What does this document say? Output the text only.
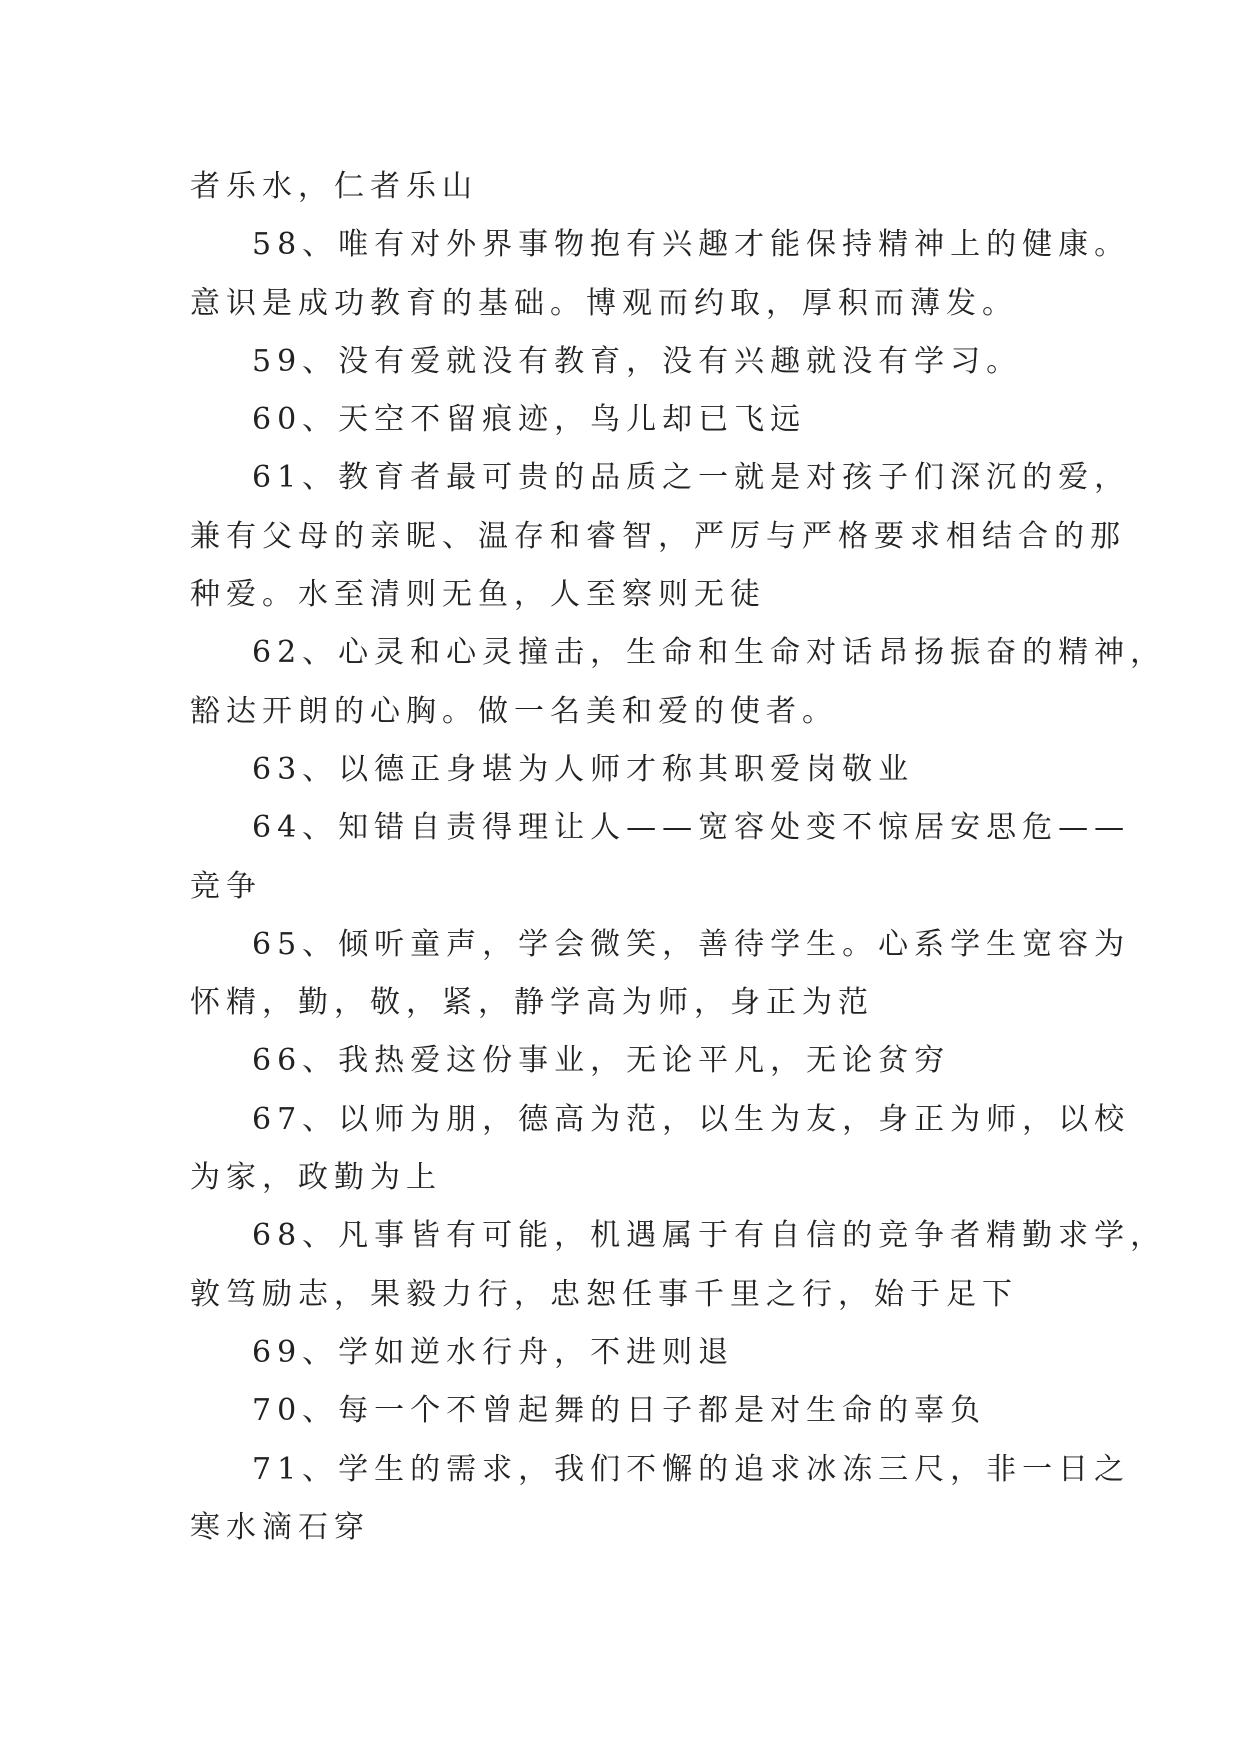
者乐水，仁者乐山
58、唯有对外界事物抱有兴趣才能保持精神上的健康。
意识是成功教育的基础。博观而约取，厚积而薄发。
59、没有爱就没有教育，没有兴趣就没有学习。
60、天空不留痕迹，鸟儿却已飞远
61、教育者最可贵的品质之一就是对孩子们深沉的爱，
兼有父母的亲昵、温存和睿智，严厉与严格要求相结合的那
种爱。水至清则无鱼，人至察则无徒
62、心灵和心灵撞击，生命和生命对话昂扬振奋的精神，
豁达开朗的心胸。做一名美和爱的使者。
63、以德正身堪为人师才称其职爱岗敬业
64、知错自责得理让人——宽容处变不惊居安思危——
竞争
65、倾听童声，学会微笑，善待学生。心系学生宽容为
怀精，勤，敬，紧，静学高为师，身正为范
66、我热爱这份事业，无论平凡，无论贫穷
67、以师为朋，德高为范，以生为友，身正为师，以校
为家，政勤为上
68、凡事皆有可能，机遇属于有自信的竞争者精勤求学，
敦笃励志，果毅力行，忠恕任事千里之行，始于足下
69、学如逆水行舟，不进则退
70、每一个不曾起舞的日子都是对生命的辜负
71、学生的需求，我们不懈的追求冰冻三尺，非一日之
寒水滴石穿
